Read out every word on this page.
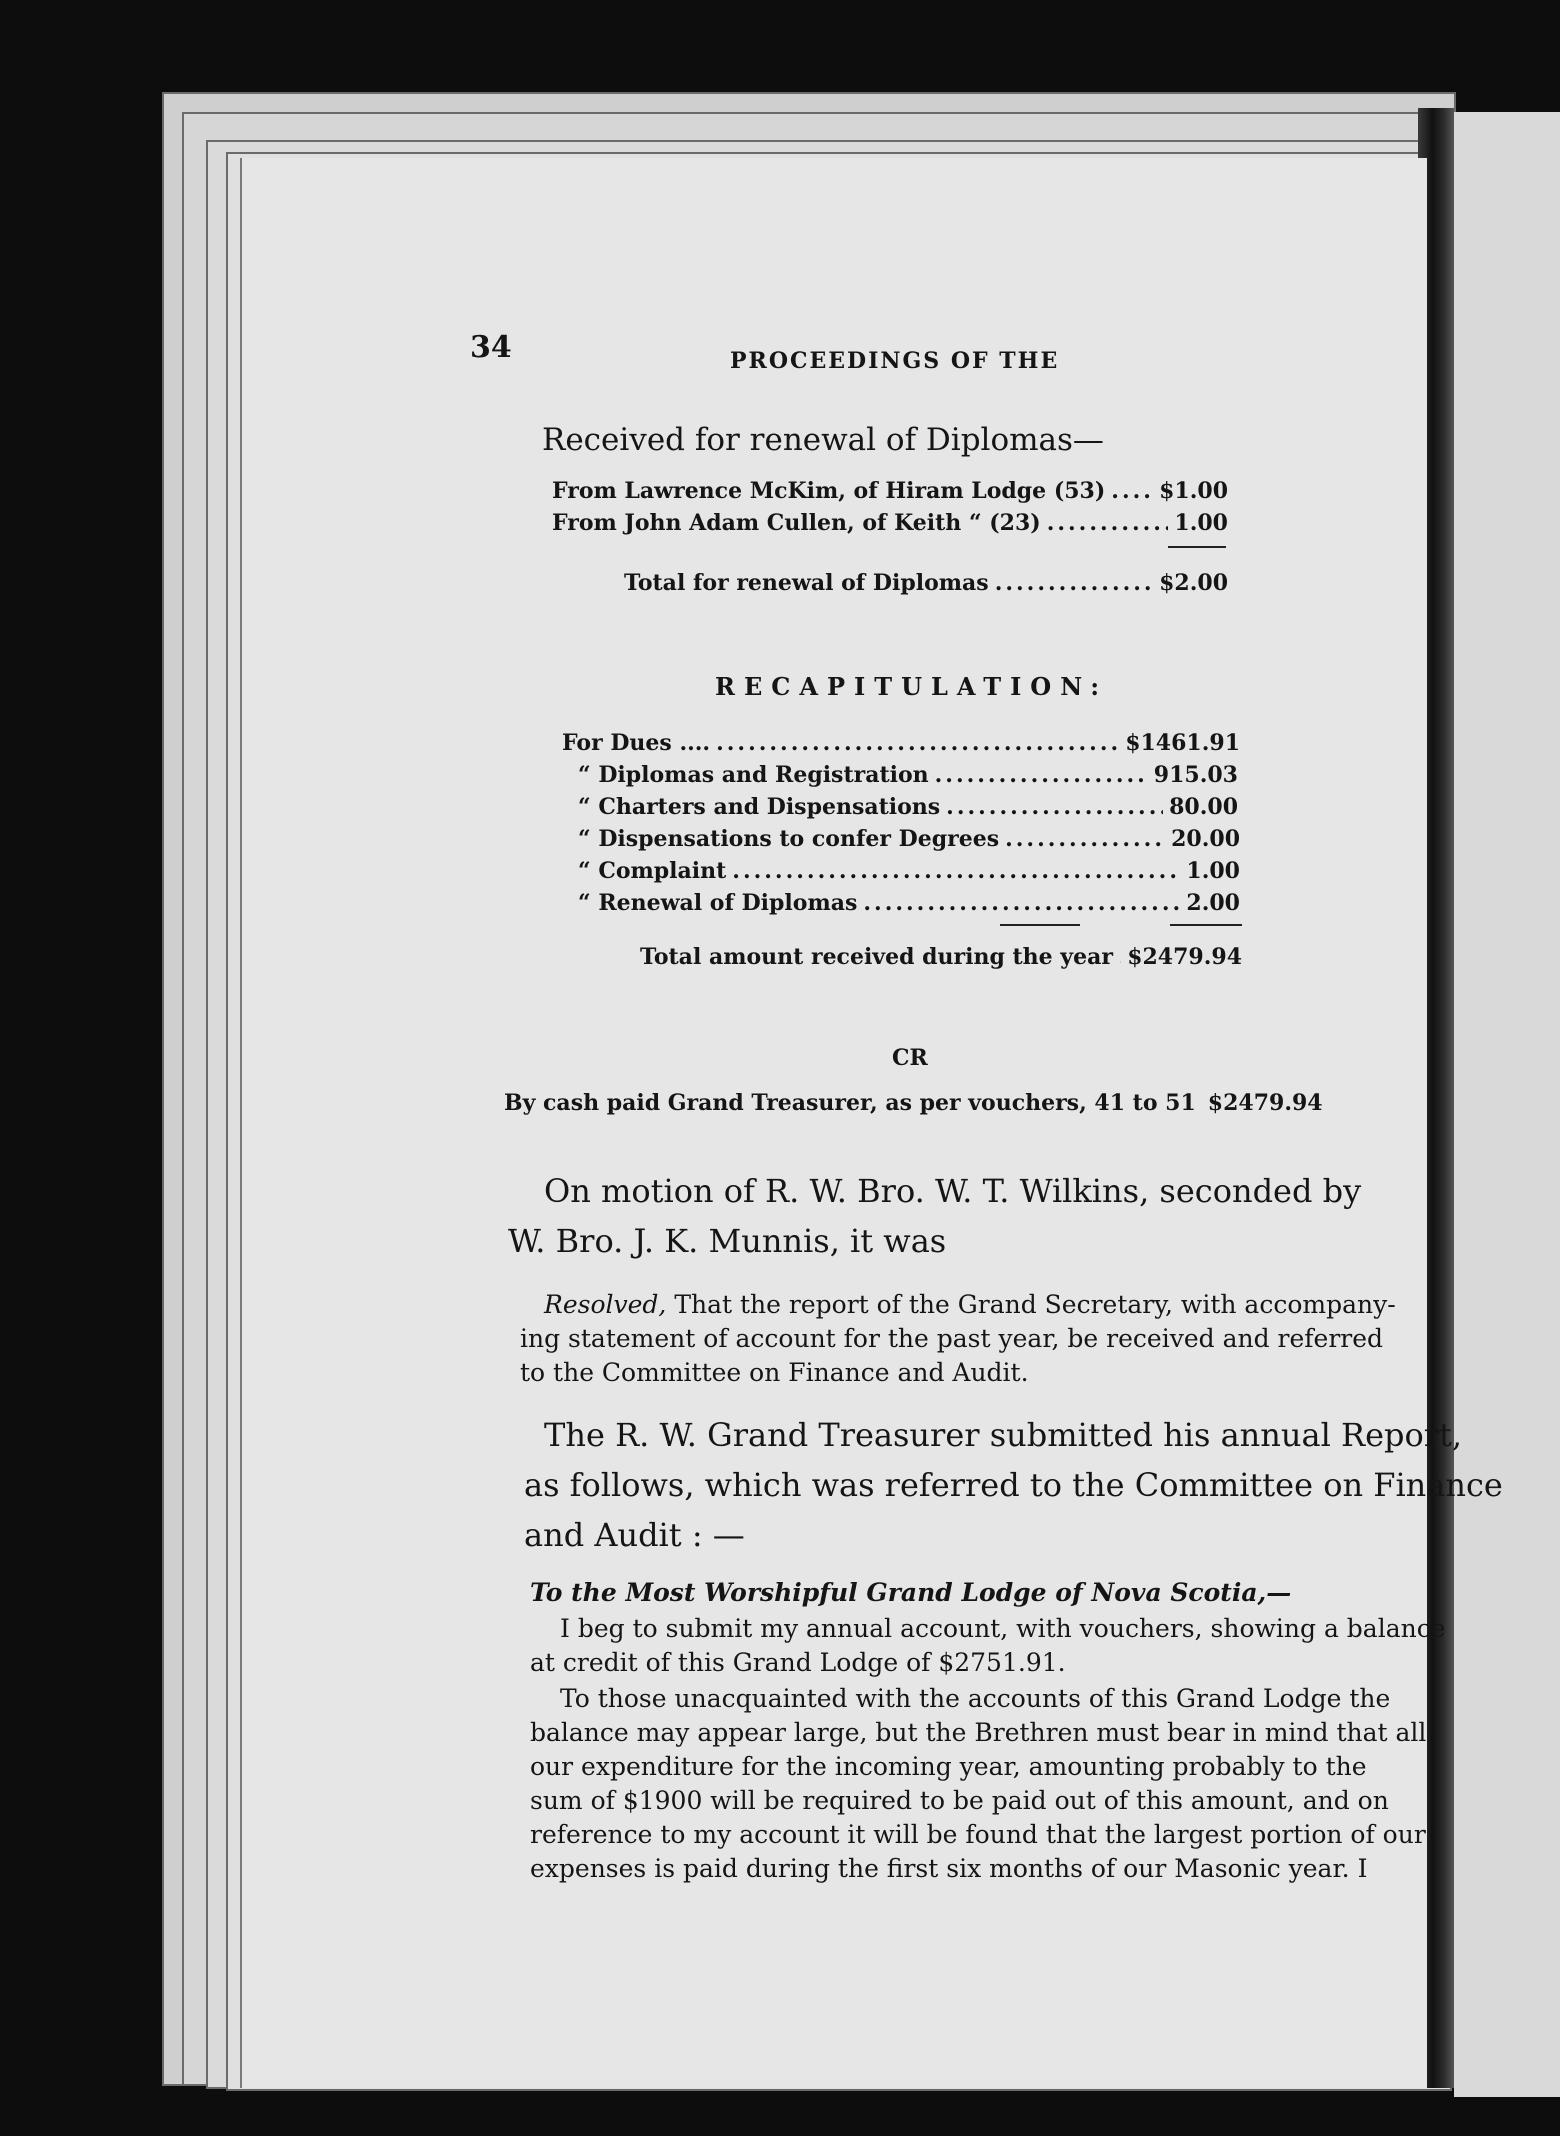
34	PROCEEDINGS OF THE
Received for renewal of Diplomas—
From Lawrence McKim, of Hiram Lodge (53) ..... $1.00
From John Adam Cullen, of Keith “ (23) .....	1.00
Total for renewal of Diplomas .....	$2.00
RECAPITULATION:
For Dues .... .....	$1461.91
“ Diplomas and Registration .....	915.03
“ Charters and Dispensations .....	80.00
“ Dispensations to confer Degrees .....	20.00
“ Complaint .....	1.00
“ Renewal of Diplomas .....	2.00
Total amount received during the year ..... $2479.94
CR
By cash paid Grand Treasurer, as per vouchers, 41 to 51 $2479.94
On motion of R. W. Bro. W. T. Wilkins, seconded by
W. Bro. J. K. Munnis, it was
Resolved, That the report of the Grand Secretary, with accompany-
ing statement of account for the past year, be received and referred
to the Committee on Finance and Audit.
The R. W. Grand Treasurer submitted his annual Report,
as follows, which was referred to the Committee on Finance
and Audit : —
To the Most Worshipful Grand Lodge of Nova Scotia,—
I beg to submit my annual account, with vouchers, showing a balance
at credit of this Grand Lodge of $2751.91.
To those unacquainted with the accounts of this Grand Lodge the
balance may appear large, but the Brethren must bear in mind that all
our expenditure for the incoming year, amounting probably to the
sum of $1900 will be required to be paid out of this amount, and on
reference to my account it will be found that the largest portion of our
expenses is paid during the first six months of our Masonic year. I
